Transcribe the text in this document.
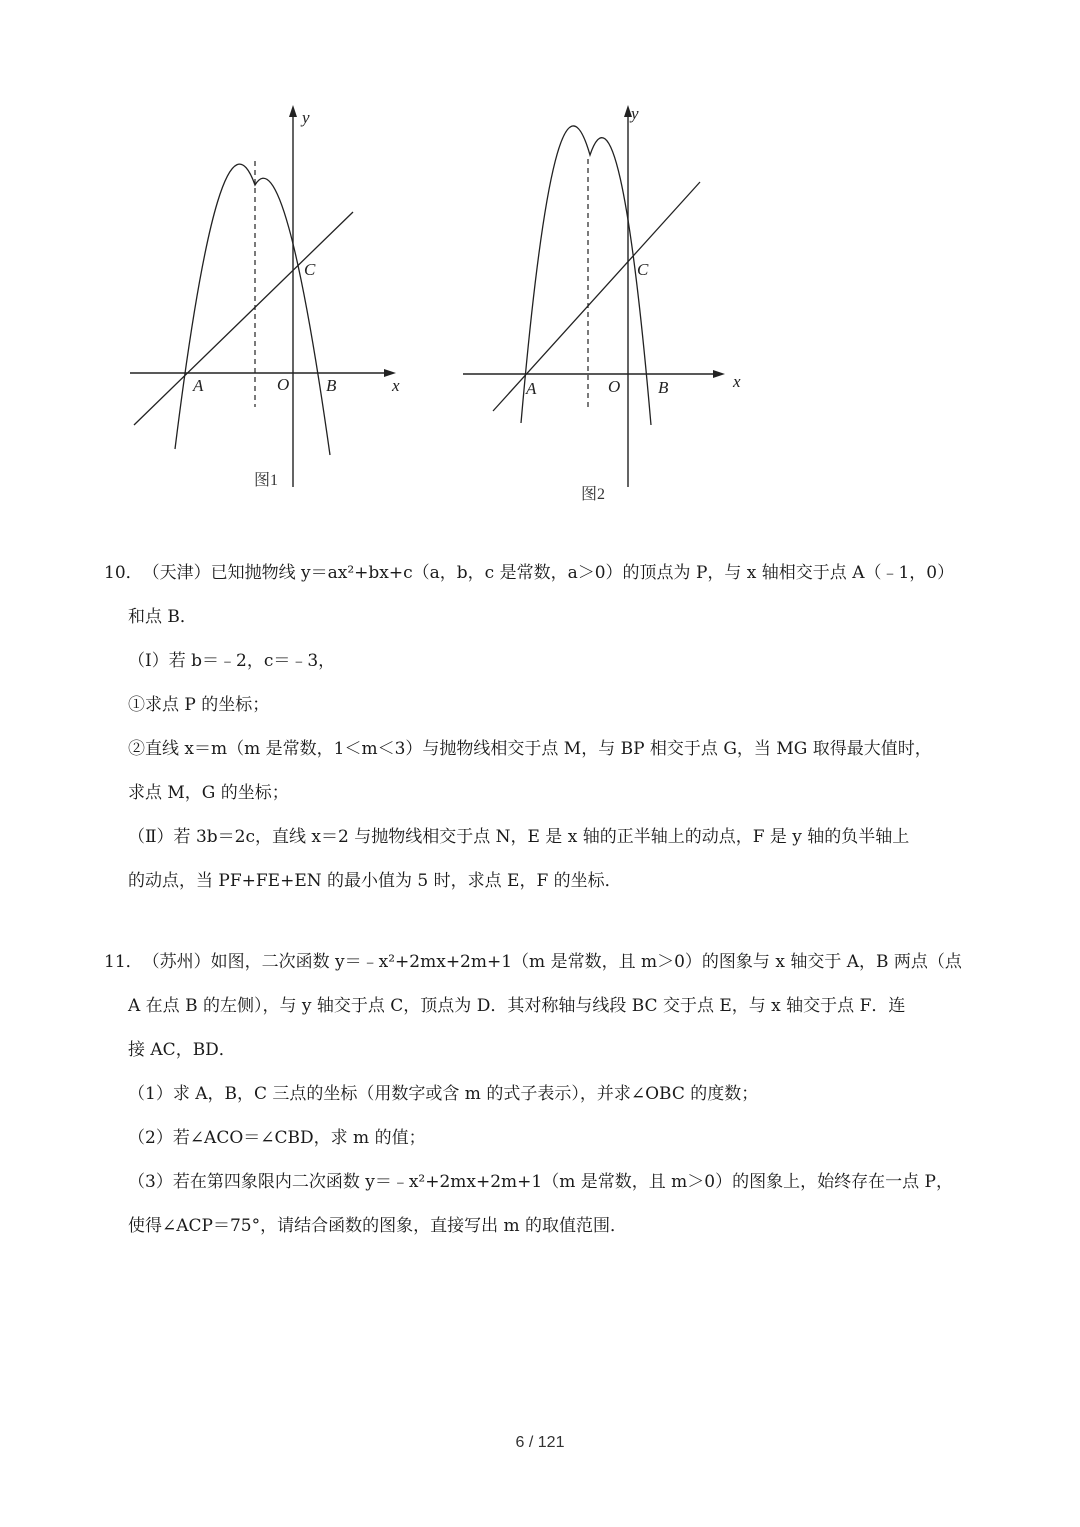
y
x
C
A	O B
图1
y
x
C
A	O B
图2
10．（天津）已知抛物线 y＝ax²+bx+c（a，b，c 是常数，a＞0）的顶点为 P，与 x 轴相交于点 A（﹣1，0）
和点 B．
（Ⅰ）若 b＝﹣2，c＝﹣3，
①求点 P 的坐标；
②直线 x＝m（m 是常数，1＜m＜3）与抛物线相交于点 M，与 BP 相交于点 G，当 MG 取得最大值时，
求点 M，G 的坐标；
（Ⅱ）若 3b＝2c，直线 x＝2 与抛物线相交于点 N，E 是 x 轴的正半轴上的动点，F 是 y 轴的负半轴上
的动点，当 PF+FE+EN 的最小值为 5 时，求点 E，F 的坐标．
11．（苏州）如图，二次函数 y＝﹣x²+2mx+2m+1（m 是常数，且 m＞0）的图象与 x 轴交于 A，B 两点（点
A 在点 B 的左侧），与 y 轴交于点 C，顶点为 D．其对称轴与线段 BC 交于点 E，与 x 轴交于点 F．连
接 AC，BD．
（1）求 A，B，C 三点的坐标（用数字或含 m 的式子表示），并求∠OBC 的度数；
（2）若∠ACO＝∠CBD，求 m 的值；
（3）若在第四象限内二次函数 y＝﹣x²+2mx+2m+1（m 是常数，且 m＞0）的图象上，始终存在一点 P，
使得∠ACP＝75°，请结合函数的图象，直接写出 m 的取值范围．
6 / 121
